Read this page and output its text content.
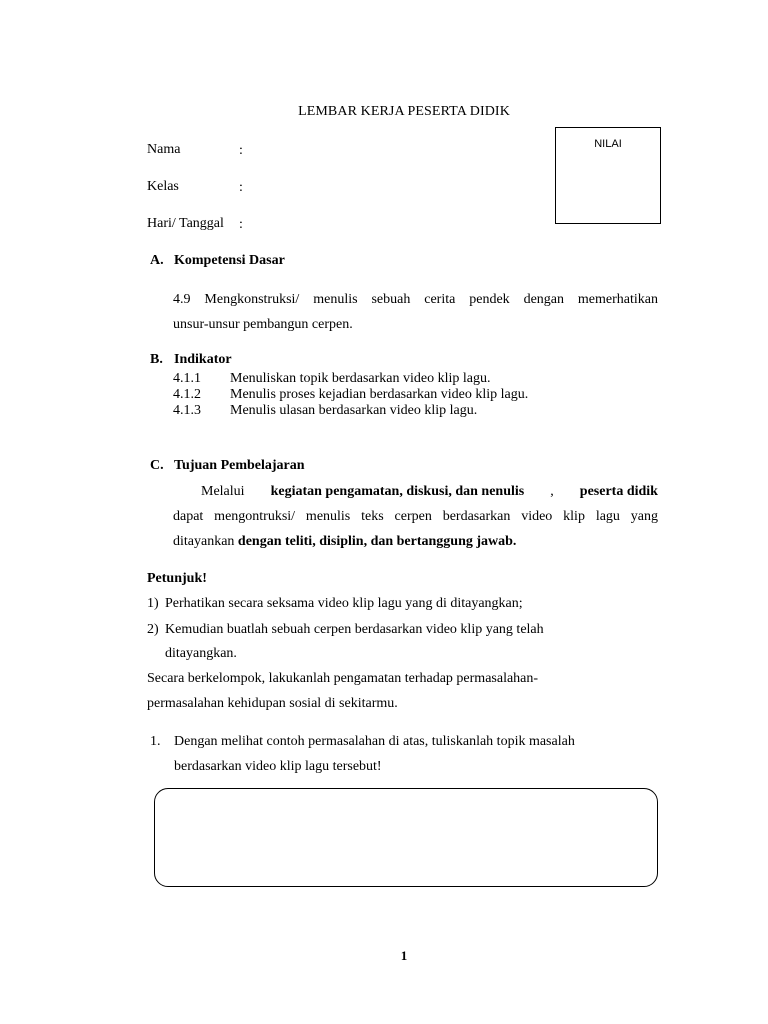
LEMBAR KERJA PESERTA DIDIK
Nama	:
Kelas	:
Hari/ Tanggal :
NILAI
A. Kompetensi Dasar
4.9 Mengkonstruksi/ menulis sebuah cerita pendek dengan memerhatikan
unsur-unsur pembangun cerpen.
B. Indikator
4.1.1 Menuliskan topik berdasarkan video klip lagu.
4.1.2 Menulis proses kejadian berdasarkan video klip lagu.
4.1.3 Menulis ulasan berdasarkan video klip lagu.
C. Tujuan Pembelajaran
Melalui kegiatan pengamatan, diskusi, dan nenulis , peserta didik
dapat mengontruksi/ menulis teks cerpen berdasarkan video klip lagu yang
ditayankan dengan teliti, disiplin, dan bertanggung jawab.
Petunjuk!
1) Perhatikan secara seksama video klip lagu yang di ditayangkan;
2) Kemudian buatlah sebuah cerpen berdasarkan video klip yang telah
ditayangkan.
Secara berkelompok, lakukanlah pengamatan terhadap permasalahan-
permasalahan kehidupan sosial di sekitarmu.
1. Dengan melihat contoh permasalahan di atas, tuliskanlah topik masalah
berdasarkan video klip lagu tersebut!
1
